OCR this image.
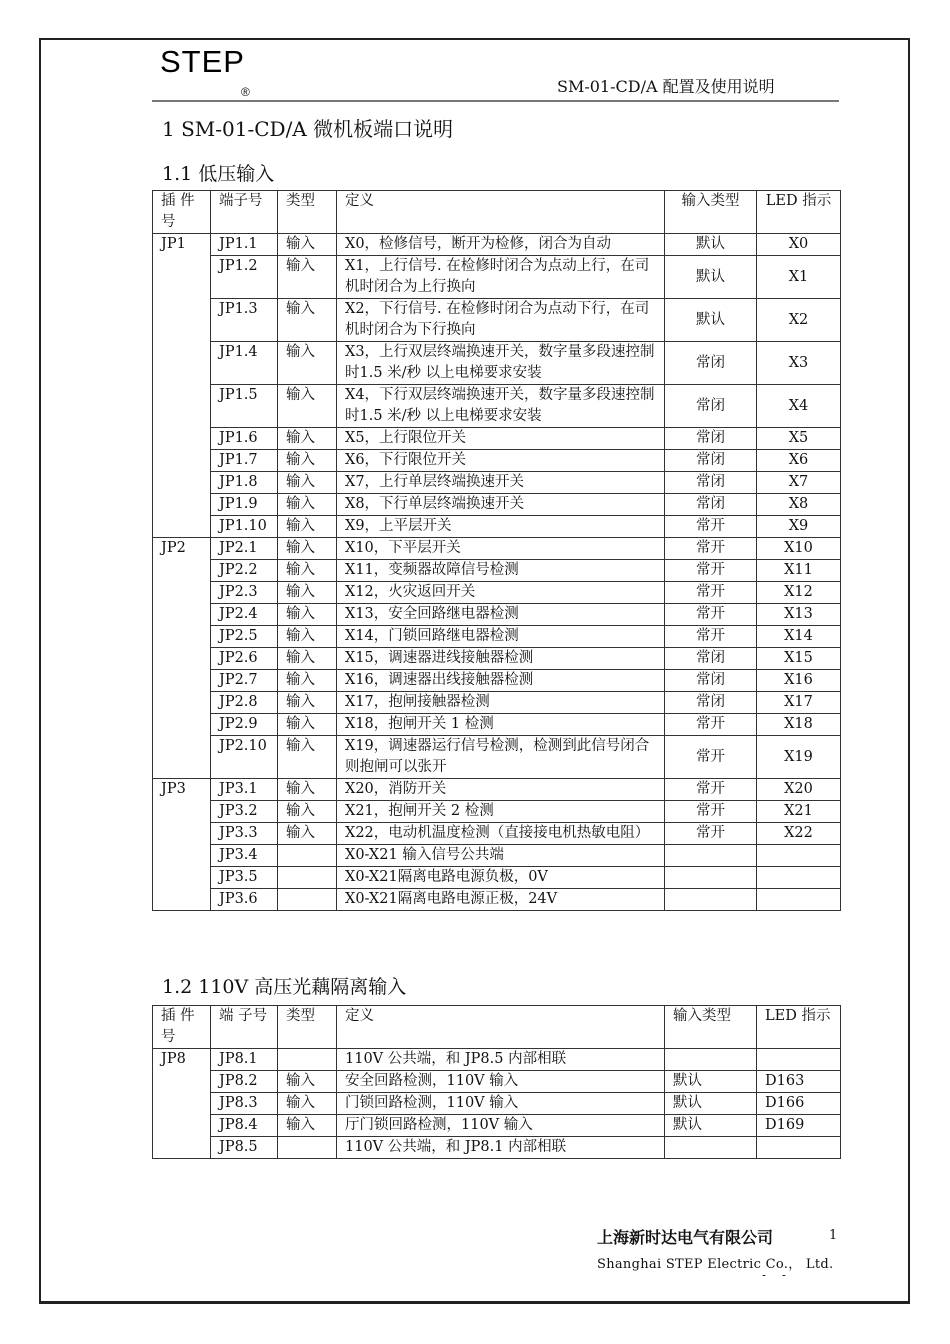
STEP
®	SM-01-CD/A 配置及使用说明
1 SM-01-CD/A 微机板端口说明
1.1 低压输入
插 件号	端子号	类型	定义	输入类型	LED 指示
JP1	JP1.1	输入	X0，检修信号，断开为检修，闭合为自动	默认	X0
	JP1.2	输入	X1，上行信号. 在检修时闭合为点动上行，在司机时闭合为上行换向	默认	X1
	JP1.3	输入	X2，下行信号. 在检修时闭合为点动下行，在司机时闭合为下行换向	默认	X2
	JP1.4	输入	X3，上行双层终端换速开关，数字量多段速控制时1.5 米/秒 以上电梯要求安装	常闭	X3
	JP1.5	输入	X4，下行双层终端换速开关，数字量多段速控制时1.5 米/秒 以上电梯要求安装	常闭	X4
	JP1.6	输入	X5，上行限位开关	常闭	X5
	JP1.7	输入	X6，下行限位开关	常闭	X6
	JP1.8	输入	X7，上行单层终端换速开关	常闭	X7
	JP1.9	输入	X8，下行单层终端换速开关	常闭	X8
	JP1.10	输入	X9，上平层开关	常开	X9
JP2	JP2.1	输入	X10，下平层开关	常开	X10
	JP2.2	输入	X11，变频器故障信号检测	常开	X11
	JP2.3	输入	X12，火灾返回开关	常开	X12
	JP2.4	输入	X13，安全回路继电器检测	常开	X13
	JP2.5	输入	X14，门锁回路继电器检测	常开	X14
	JP2.6	输入	X15，调速器进线接触器检测	常闭	X15
	JP2.7	输入	X16，调速器出线接触器检测	常闭	X16
	JP2.8	输入	X17，抱闸接触器检测	常闭	X17
	JP2.9	输入	X18，抱闸开关 1 检测	常开	X18
	JP2.10	输入	X19，调速器运行信号检测，检测到此信号闭合则抱闸可以张开	常开	X19
JP3	JP3.1	输入	X20，消防开关	常开	X20
	JP3.2	输入	X21，抱闸开关 2 检测	常开	X21
	JP3.3	输入	X22，电动机温度检测（直接接电机热敏电阻）	常开	X22
	JP3.4		X0-X21 输入信号公共端		
	JP3.5		X0-X21隔离电路电源负极，0V		
	JP3.6		X0-X21隔离电路电源正极，24V		
1.2 110V 高压光藕隔离输入
插 件号	端 子号	类型	定义	输入类型	LED 指示
JP8	JP8.1		110V 公共端，和 JP8.5 内部相联		
	JP8.2	输入	安全回路检测，110V 输入	默认	D163
	JP8.3	输入	门锁回路检测，110V 输入	默认	D166
	JP8.4	输入	厅门锁回路检测，110V 输入	默认	D169
	JP8.5		110V 公共端，和 JP8.1 内部相联		
上海新时达电气有限公司	1
Shanghai STEP Electric Co.， Ltd.
- -
